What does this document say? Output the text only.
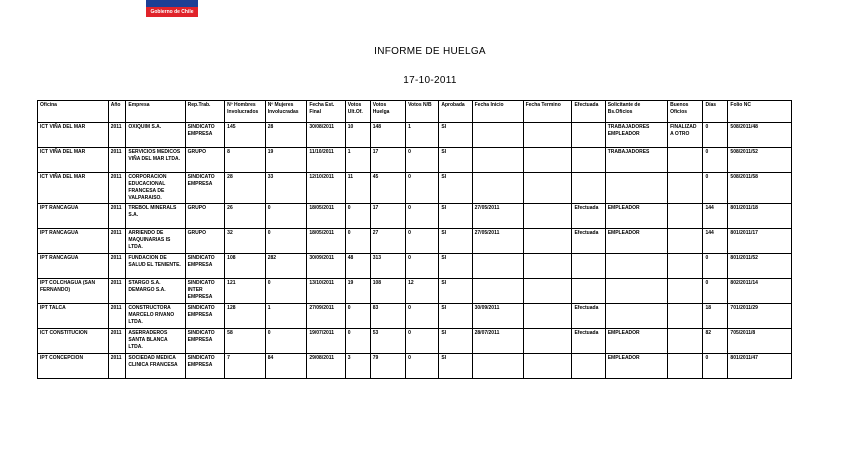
Gobierno de Chile
INFORME DE HUELGA
17-10-2011
Oficina	Año	Empresa	Rep.Trab.	Nº Hombres Involucrados	Nº Mujeres Involucradas	Fecha Est. Final	Votos Ult.Of.	Votos Huelga	Votos N/B	Aprobada	Fecha Inicio	Fecha Termino	Efectuada	Solicitante de Bs.Oficios	Buenos Oficios	Días	Folio NC
ICT VIÑA DEL MAR	2011	OXIQUIM S.A.	SINDICATO EMPRESA	145	28	30/08/2011	10	148	1	SI				TRABAJADORES EMPLEADOR	FINALIZAD A OTRO	0	508/2011/48
ICT VIÑA DEL MAR	2011	SERVICIOS MEDICOS VIÑA DEL MAR LTDA.	GRUPO	8	19	11/10/2011	1	17	0	SI				TRABAJADORES		0	508/2011/52
ICT VIÑA DEL MAR	2011	CORPORACION EDUCACIONAL FRANCESA DE VALPARAISO.	SINDICATO EMPRESA	28	33	12/10/2011	11	45	0	SI						0	508/2011/58
IPT RANCAGUA	2011	TREBOL MINERALS S.A.	GRUPO	26	0	18/05/2011	0	17	0	SI	27/05/2011		Efectuada	EMPLEADOR		144	801/2011/18
IPT RANCAGUA	2011	ARRIENDO DE MAQUINARIAS IS LTDA.	GRUPO	32	0	18/05/2011	0	27	0	SI	27/05/2011		Efectuada	EMPLEADOR		144	801/2011/17
IPT RANCAGUA	2011	FUNDACION DE SALUD EL TENIENTE.	SINDICATO EMPRESA	108	282	30/09/2011	48	313	0	SI						0	801/2011/52
IPT COLCHAGUA (SAN FERNANDO)	2011	STARGO S.A. DEMARGO S.A.	SINDICATO INTER EMPRESA	121	0	13/10/2011	19	108	12	SI						0	802/2011/14
IPT TALCA	2011	CONSTRUCTORA MARCELO RIVANO LTDA.	SINDICATO EMPRESA	128	1	27/09/2011	0	83	0	SI	30/09/2011		Efectuada			18	701/2011/29
ICT CONSTITUCION	2011	ASERRADEROS SANTA BLANCA LTDA.	SINDICATO EMPRESA	58	0	19/07/2011	0	53	0	SI	28/07/2011		Efectuada	EMPLEADOR		82	705/2011/8
IPT CONCEPCION	2011	SOCIEDAD MEDICA CLINICA FRANCESA	SINDICATO EMPRESA	7	84	29/08/2011	3	79	0	SI				EMPLEADOR		0	801/2011/47
